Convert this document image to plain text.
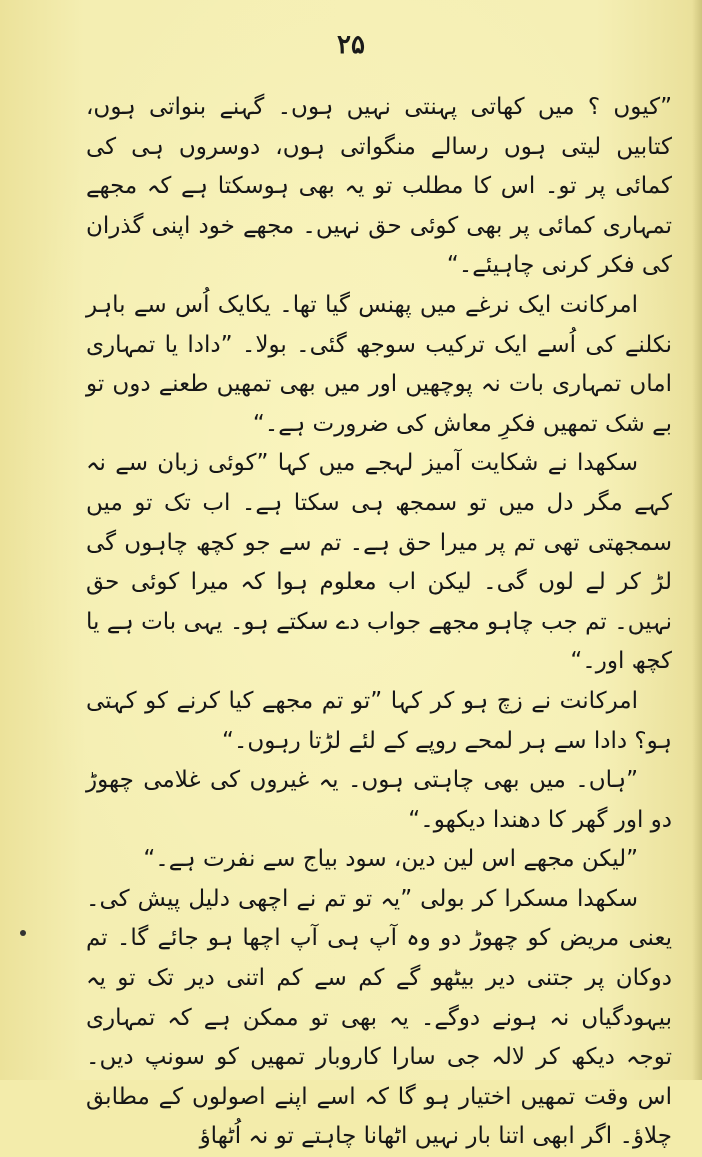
۲۵

”کیوں ؟ میں کھاتی پہنتی نہیں ہوں۔ گہنے بنواتی ہوں، کتابیں لیتی ہوں رسالے منگواتی ہوں، دوسروں ہی کی کمائی پر تو۔ اس کا مطلب تو یہ بھی ہوسکتا ہے کہ مجھے تمہاری کمائی پر بھی کوئی حق نہیں۔ مجھے خود اپنی گذران کی فکر کرنی چاہیئے۔“

امرکانت ایک نرغے میں پھنس گیا تھا۔ یکایک اُس سے باہر نکلنے کی اُسے ایک ترکیب سوجھ گئی۔ بولا۔ ”دادا یا تمہاری اماں تمہاری بات نہ پوچھیں اور میں بھی تمھیں طعنے دوں تو بے شک تمھیں فکرِ معاش کی ضرورت ہے۔“

سکھدا نے شکایت آمیز لہجے میں کہا ”کوئی زبان سے نہ کہے مگر دل میں تو سمجھ ہی سکتا ہے۔ اب تک تو میں سمجھتی تھی تم پر میرا حق ہے۔ تم سے جو کچھ چاہوں گی لڑ کر لے لوں گی۔ لیکن اب معلوم ہوا کہ میرا کوئی حق نہیں۔ تم جب چاہو مجھے جواب دے سکتے ہو۔ یہی بات ہے یا کچھ اور۔“

امرکانت نے زچ ہو کر کہا ”تو تم مجھے کیا کرنے کو کہتی ہو؟ دادا سے ہر لمحے روپے کے لئے لڑتا رہوں۔“

”ہاں۔ میں بھی چاہتی ہوں۔ یہ غیروں کی غلامی چھوڑ دو اور گھر کا دھندا دیکھو۔“

”لیکن مجھے اس لین دین، سود بیاج سے نفرت ہے۔“

سکھدا مسکرا کر بولی ”یہ تو تم نے اچھی دلیل پیش کی۔ یعنی مریض کو چھوڑ دو وہ آپ ہی آپ اچھا ہو جائے گا۔ تم دوکان پر جتنی دیر بیٹھو گے کم سے کم اتنی دیر تک تو یہ بیہودگیاں نہ ہونے دوگے۔ یہ بھی تو ممکن ہے کہ تمہاری توجہ دیکھ کر لالہ جی سارا کاروبار تمھیں کو سونپ دیں۔ اس وقت تمھیں اختیار ہو گا کہ اسے اپنے اصولوں کے مطابق چلاؤ۔ اگر ابھی اتنا بار نہیں اٹھانا چاہتے تو نہ اُٹھاؤ
